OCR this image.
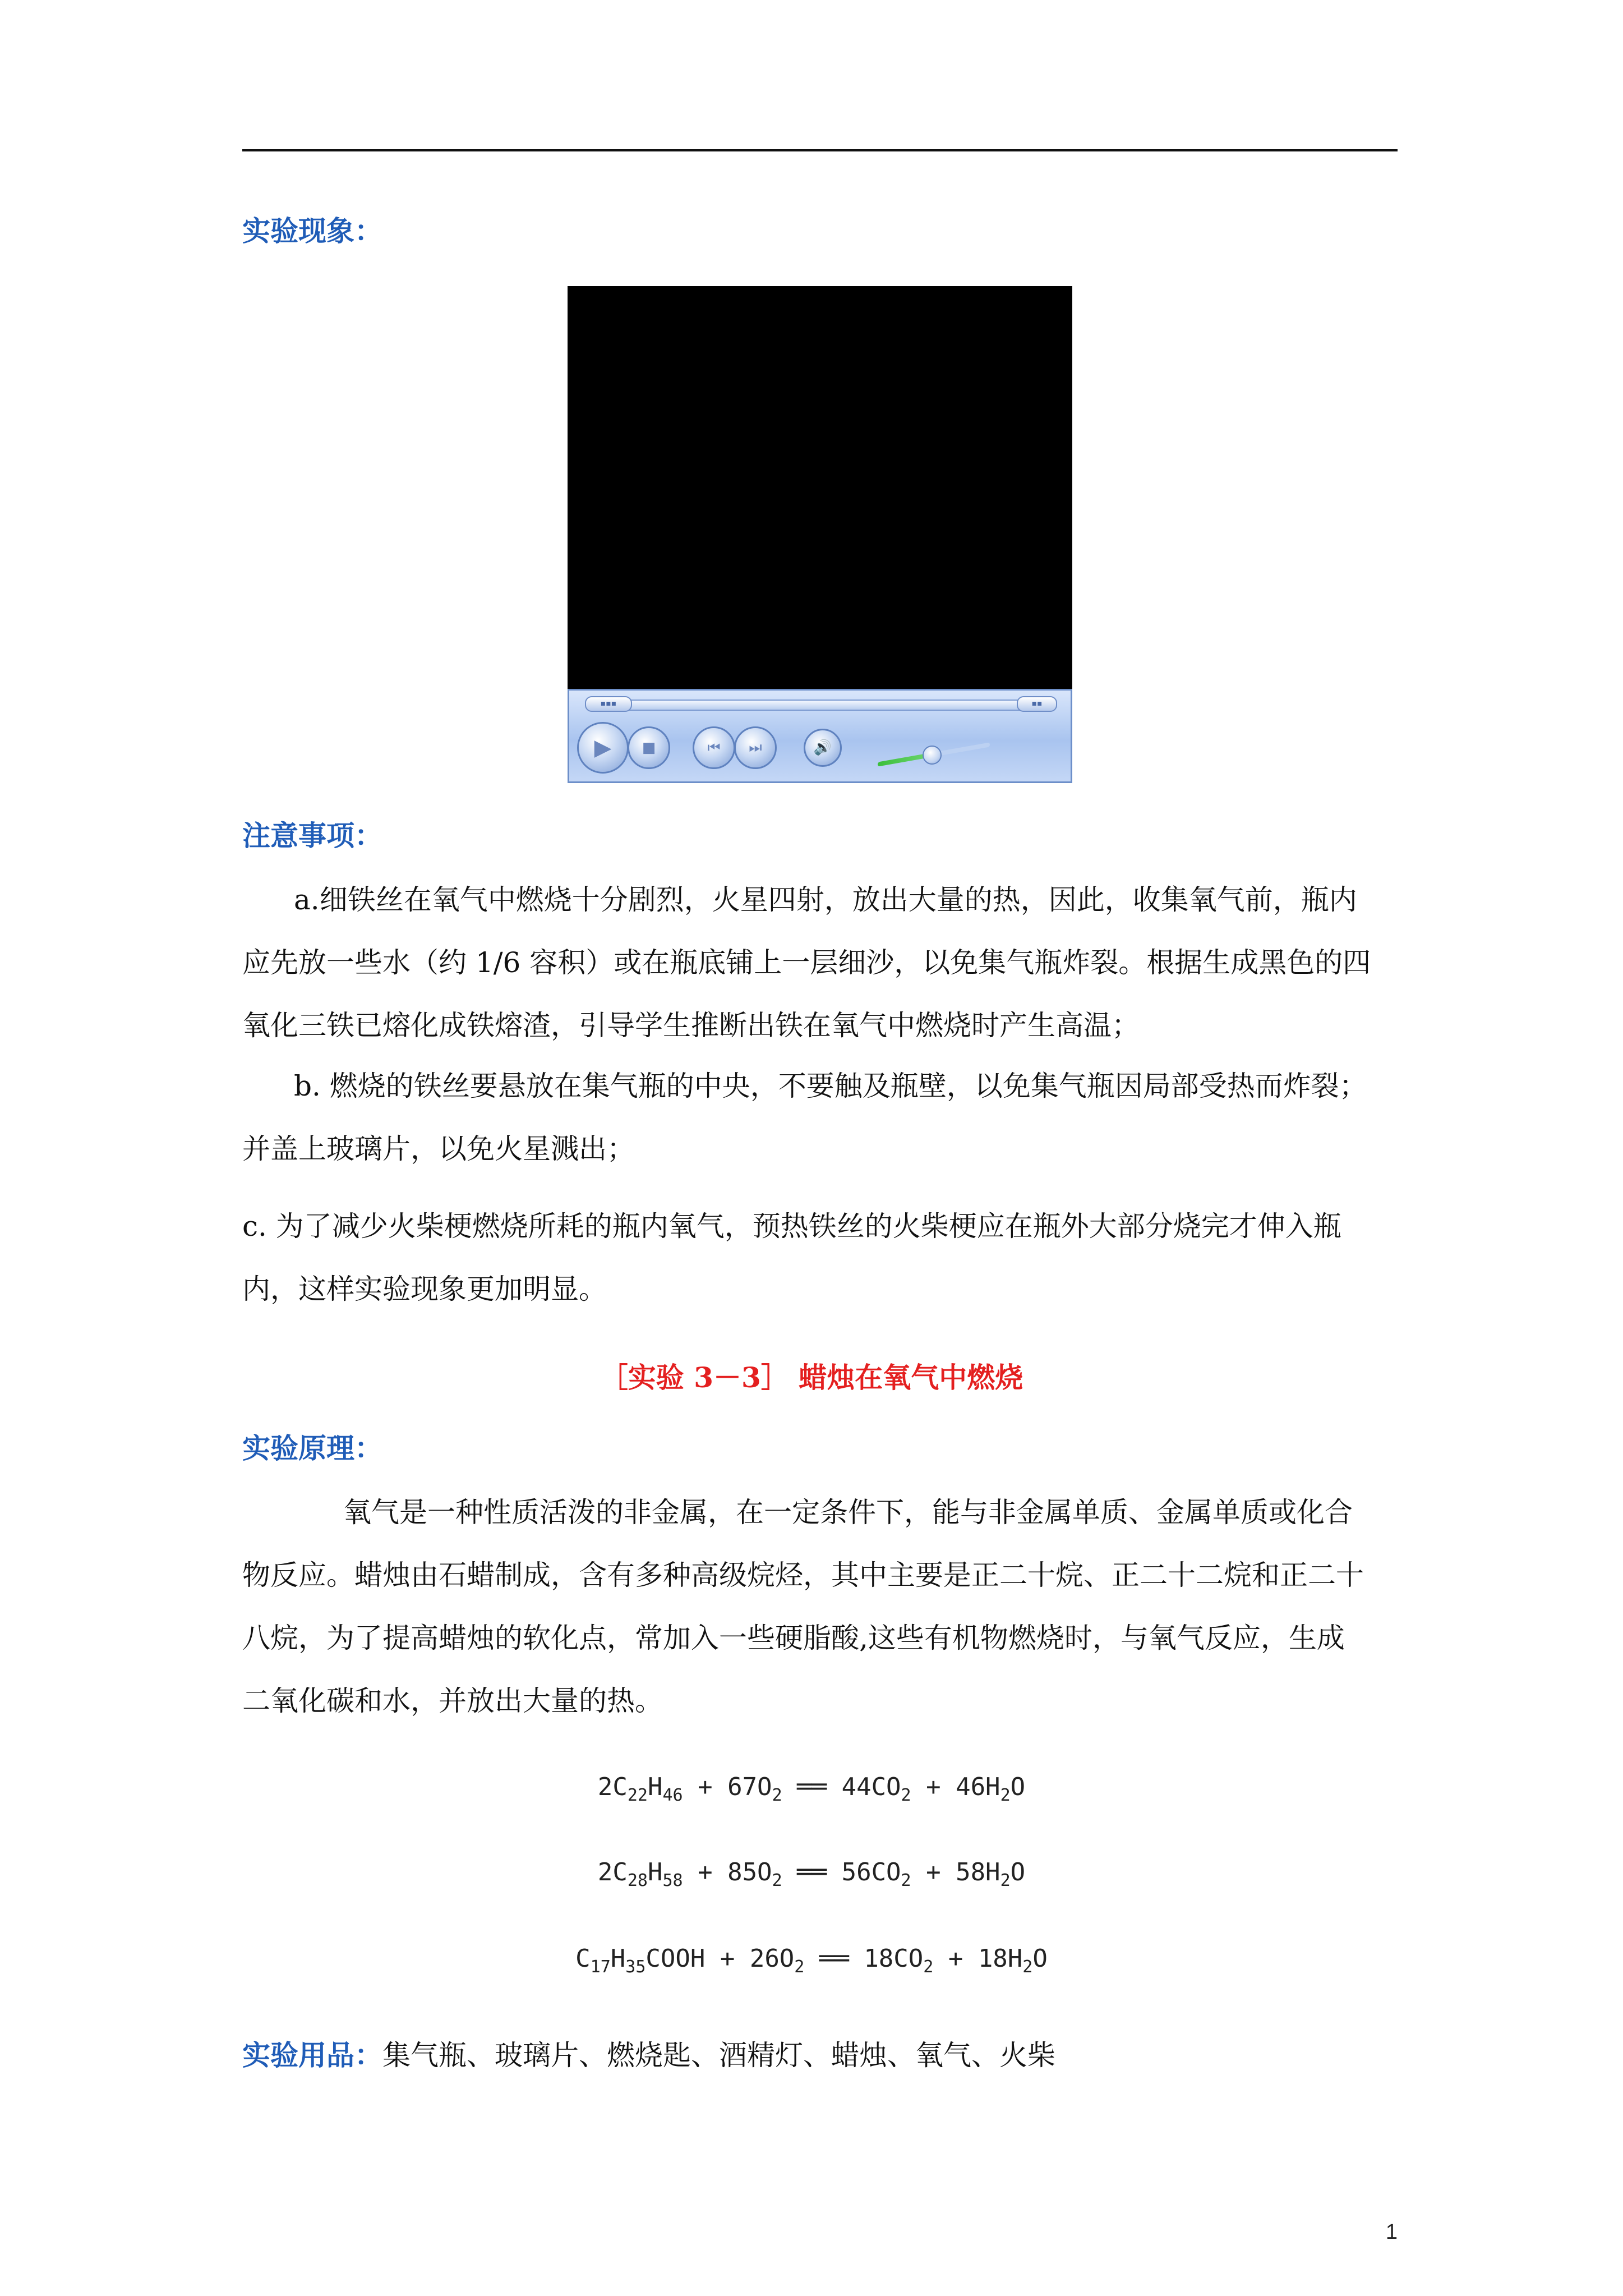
实验现象：
▪▪▪	▪▪
▶	■	⏮	⏭	🔊
注意事项：
a.细铁丝在氧气中燃烧十分剧烈，火星四射，放出大量的热，因此，收集氧气前，瓶内
应先放一些水（约 1/6 容积）或在瓶底铺上一层细沙，以免集气瓶炸裂。根据生成黑色的四
氧化三铁已熔化成铁熔渣，引导学生推断出铁在氧气中燃烧时产生高温；
b. 燃烧的铁丝要悬放在集气瓶的中央，不要触及瓶壁，以免集气瓶因局部受热而炸裂；
并盖上玻璃片，以免火星溅出；
c. 为了减少火柴梗燃烧所耗的瓶内氧气，预热铁丝的火柴梗应在瓶外大部分烧完才伸入瓶
内，这样实验现象更加明显。
［实验 3－3］ 蜡烛在氧气中燃烧
实验原理：
氧气是一种性质活泼的非金属，在一定条件下，能与非金属单质、金属单质或化合
物反应。蜡烛由石蜡制成，含有多种高级烷烃，其中主要是正二十烷、正二十二烷和正二十
八烷，为了提高蜡烛的软化点，常加入一些硬脂酸,这些有机物燃烧时，与氧气反应，生成
二氧化碳和水，并放出大量的热。
$2C_{22}H_{46} + 67O_2$ ══ $44CO_2 + 46H_2O$
$2C_{28}H_{58} + 85O_2$ ══ $56CO_2 + 58H_2O$
$C_{17}H_{35}COOH + 26O_2$ ══ $18CO_2 + 18H_2O$
实验用品：集气瓶、玻璃片、燃烧匙、酒精灯、蜡烛、氧气、火柴
1
